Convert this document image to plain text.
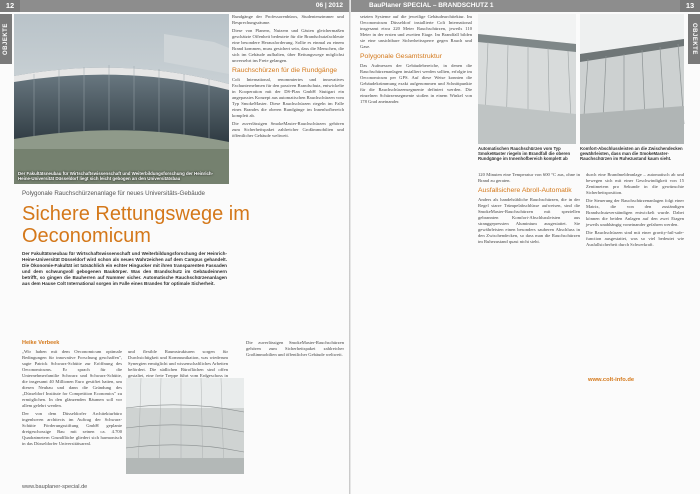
12	06 | 2012
OBJEKTE
Der Fakultätsneubau für Wirtschaftswissenschaft und Weiterbildungsforschung der Heinrich-Heine-Universität Düsseldorf liegt sich leicht gebogen an den Universitätsbau

Rundgänge der Professorenbüros, Studentenzimmer und Besprechungsräume.

Diese von Planern, Nutzern und Gästen gleichermaßen geschätzte Offenheit bedeutete für die Brandschutzfachleute eine besondere Herausforderung. Sollte es einmal zu einem Brand kommen, muss gesichert sein, dass die Menschen, die sich im Gebäude aufhalten, über Rettungswege möglichst unversehrt ins Freie gelangen.

Rauchschürzen für die Rundgänge

Colt International, renommiertes und innovatives Fachunternehmen für den passiven Brandschutz, entwickelte in Kooperation mit der DS-Plan GmbH Stuttgart ein angepasstes Konzept aus automatischen Rauchschürzen vom Typ SmokeMaster. Diese Rauchschürzen riegeln im Falle eines Brandes die oberen Rundgänge im Innenhofbereich komplett ab.

Die zuverlässigen SmokeMaster-Rauchschürzen gehören zum Sicherheitspaket zahlreicher Großimmobilien und öffentlicher Gebäude weltweit.

Polygonale Rauchschürzenanlage für neues Universitäts-Gebäude
Sichere Rettungswege im Oeconomicum
Der Fakultätsneubau für Wirtschaftswissenschaft und Weiterbildungsforschung der Heinrich-Heine-Universität Düsseldorf wird schon als neues Wahrzeichen auf dem Campus gehandelt. Die Ökonomie-Fakultät ist tatsächlich ein echter Hingucker mit ihren transparenten Fassaden und dem schwungvoll gebogenen Baukörper. Was den Brandschutz im Gebäudeinnern betrifft, so gingen die Bauherren auf Nummer sicher. Automatische Rauchschürzenanlagen aus dem Hause Colt International sorgen im Falle eines Brandes für optimale Sicherheit.
Heike Verbeek

„Wir haben mit dem Oeconomicum optimale Bedingungen für innovative Forschung geschaffen", sagte Patrick Schwarz-Schütte zur Eröffnung des Oeconomicums. Er sprach für die Unternehmerfamilie Schwarz und Schwarz-Schütte, die insgesamt 40 Millionen Euro gestiftet hatten, um diesen Neubau und dann die Gründung des „Düsseldorf Institute for Competition Economics" zu ermöglichen. In den glänzenden Räumen soll vor allem gelehrt werden.

Der von dem Düsseldorfer Architekturbüro ingenhoven architects im Auftrag der Schwarz-Schütte Förderungsstiftung GmbH geplante dreigeschossige Bau mit seinen ca. 4.700 Quadratmetern Grundfläche gliedert sich harmonisch in das Düsseldorfer Universitätsareal.

und flexible Raumstrukturen sorgen für Durchsichtigkeit und Kommunikation, was wiederum Synergien ermöglicht und wissenschaftliches Arbeiten befördert. Die südlichen Büroflächen sind offen gestaltet, eine freie Treppe führt vom Erdgeschoss in

Die zuverlässigen SmokeMaster-Rauchschürzen gehören zum Sicherheitspaket zahlreicher Großimmobilien und öffentlicher Gebäude weltweit.

www.bauplaner-special.de
BauPlaner SPECIAL – BRANDSCHUTZ 1	13
OBJEKTE

setzten Systeme auf die jeweilige Gebäudearchitektur. Im Oeconomicum Düsseldorf installierte Colt International insgesamt etwa 220 Meter Rauchschürzen, jeweils 110 Meter in der ersten und zweiten Etage. Im Brandfall bilden sie eine unsichtbare Sicherheitssperre gegen Rauch und Gase.

Polygonale Gesamtstruktur

Das Aufmessen der Gebäudebereiche, in denen die Rauchschürzenanlagen installiert werden sollten, erfolgte im Oeconomicum per GPS. Auf diese Weise konnten die Gebäudekrümmung exakt aufgenommen und Schnittpunkte für die Rauchschürzensegmente definiert werden. Die einzelnen Schürzensegmente stoßen in einem Winkel von 178 Grad aneinander.

Automatischen Rauchschürzen vom Typ SmokeMaster riegeln im Brandfall die oberen Rundgänge im Innenhofbereich komplett ab
Komfort-Abschlussleisten an die Zwischendecken gewährleisten, dass man die SmokeMaster-Rauchschürzen im Ruhezustand kaum sieht.

120 Minuten eine Temperatur von 600 °C aus, ohne in Brand zu geraten.

Ausfallsichere Abroll-Automatik

Anders als handelsübliche Rauchschürzen, die in der Regel starre Trümpelabschlüsse aufweisen, sind die SmokeMaster-Rauchschürzen mit speziellen gebrannten Komfort-Abschlussleisten aus stranggepressten Aluminium ausgestattet. Sie gewährleisten einen besonders sauberen Abschluss in den Zwischendecken, so dass man die Rauchschürzen im Ruhezustand quasi nicht sieht.

durch eine Brandmeldeanlage – automatisch ab und bewegen sich mit einer Geschwindigkeit von 15 Zentimetern pro Sekunde in die gewünschte Sicherheitsposition.

Die Steuerung der Rauchschürzenanlagen folgt einer Matrix, die von den zuständigen Brandschutzverständigen entwickelt wurde. Dabei können die beiden Anlagen auf den zwei Etagen jeweils unabhängig voneinander gefahren werden.

Die Rauchschürzen sind mit einer gravity-fail-safe-function ausgestattet, was so viel bedeutet wie Ausfallsicherheit durch Schwerkraft.

www.colt-info.de
